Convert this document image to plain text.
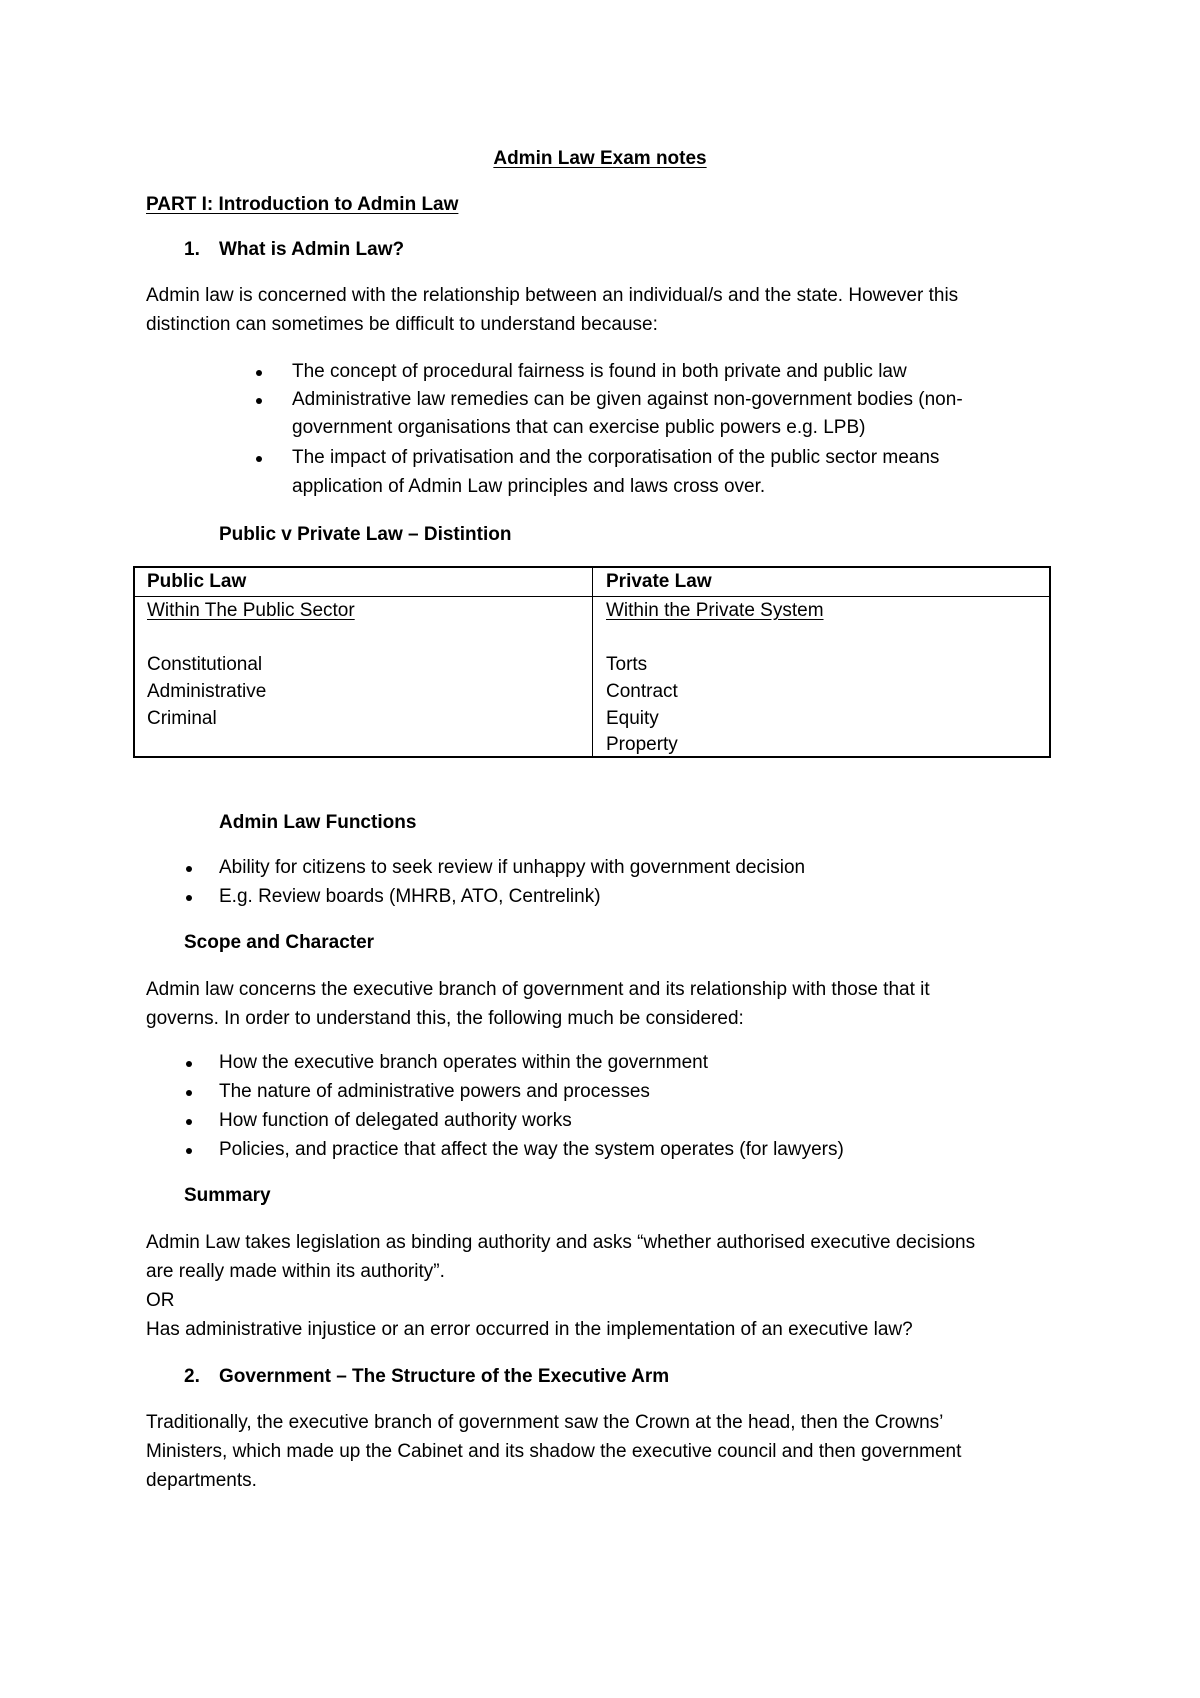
Admin Law Exam notes
PART I: Introduction to Admin Law
1. What is Admin Law?
Admin law is concerned with the relationship between an individual/s and the state. However this
distinction can sometimes be difficult to understand because:
The concept of procedural fairness is found in both private and public law
Administrative law remedies can be given against non-government bodies (non-
government organisations that can exercise public powers e.g. LPB)
The impact of privatisation and the corporatisation of the public sector means
application of Admin Law principles and laws cross over.
Public v Private Law – Distintion
Public Law	Private Law
Within The Public Sector
Constitutional
Administrative
Criminal
Within the Private System
Torts
Contract
Equity
Property
Admin Law Functions
Ability for citizens to seek review if unhappy with government decision
E.g. Review boards (MHRB, ATO, Centrelink)
Scope and Character
Admin law concerns the executive branch of government and its relationship with those that it
governs. In order to understand this, the following much be considered:
How the executive branch operates within the government
The nature of administrative powers and processes
How function of delegated authority works
Policies, and practice that affect the way the system operates (for lawyers)
Summary
Admin Law takes legislation as binding authority and asks “whether authorised executive decisions
are really made within its authority”.
OR
Has administrative injustice or an error occurred in the implementation of an executive law?
2. Government – The Structure of the Executive Arm
Traditionally, the executive branch of government saw the Crown at the head, then the Crowns’
Ministers, which made up the Cabinet and its shadow the executive council and then government
departments.
